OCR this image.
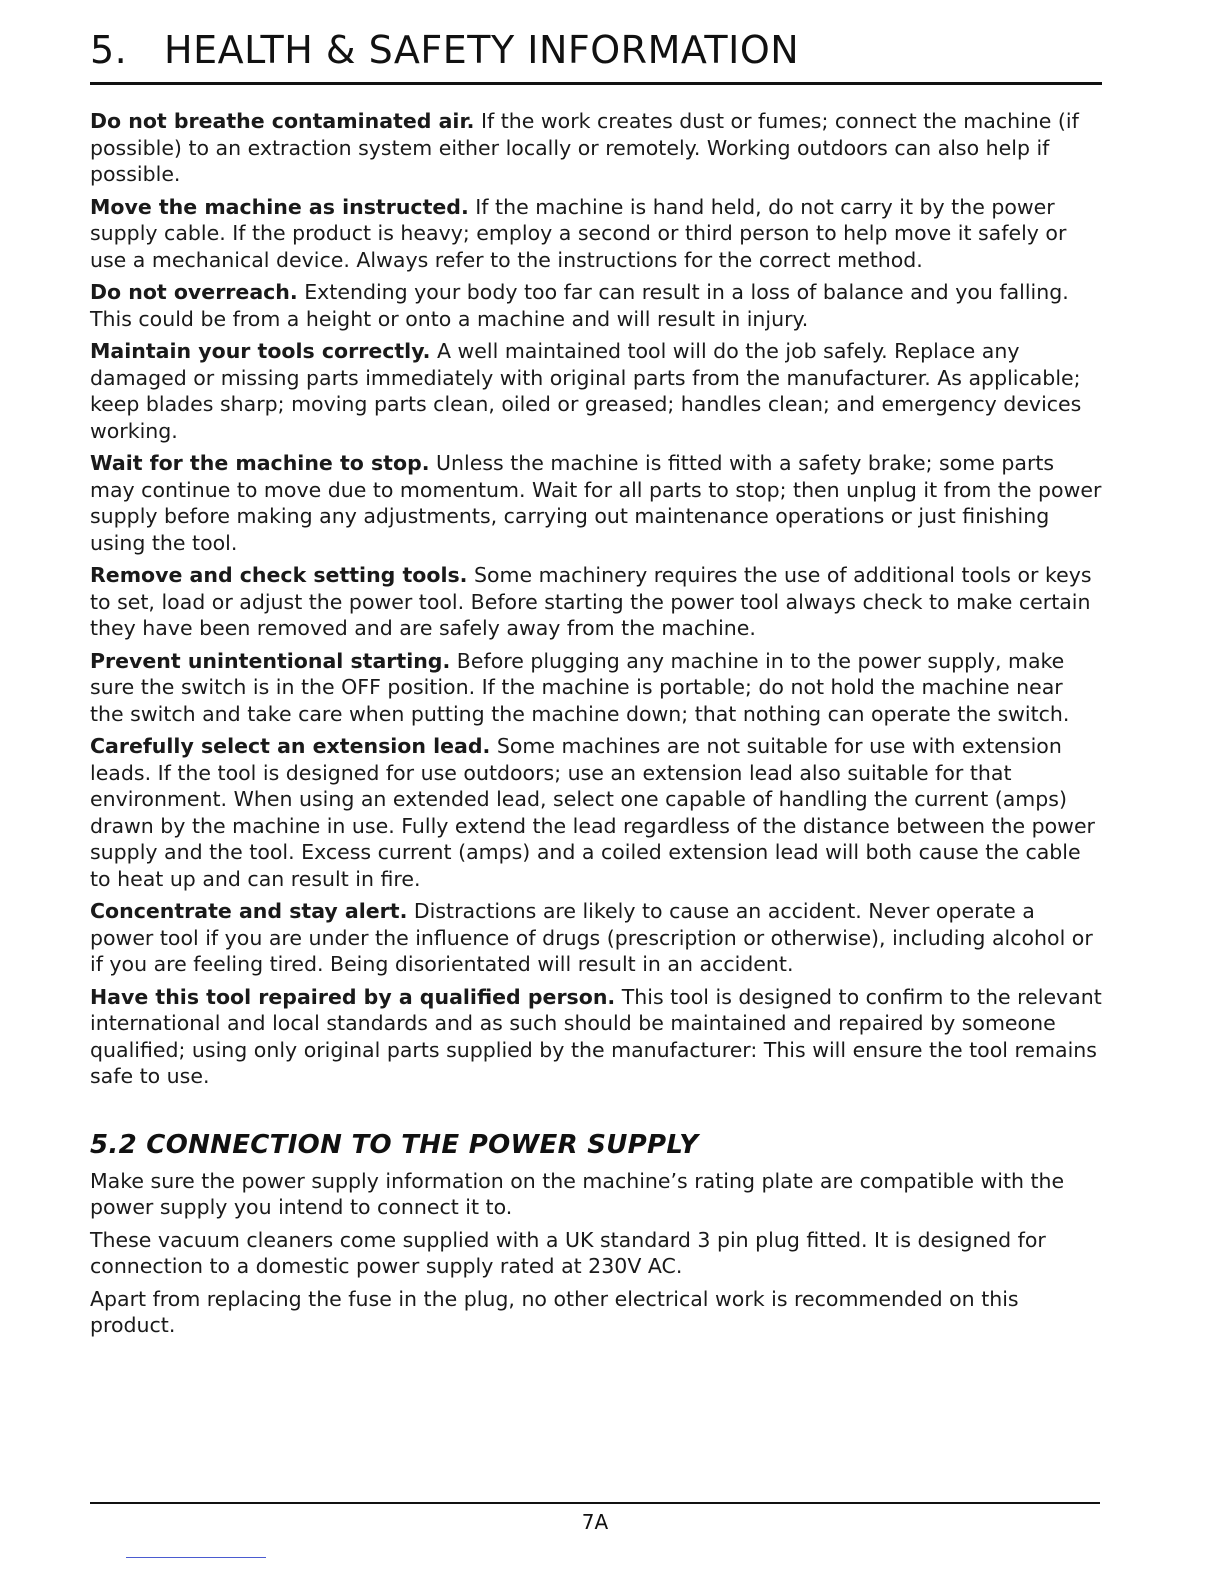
5. HEALTH & SAFETY INFORMATION

Do not breathe contaminated air. If the work creates dust or fumes; connect the machine (if possible) to an extraction system either locally or remotely. Working outdoors can also help if possible.

Move the machine as instructed. If the machine is hand held, do not carry it by the power supply cable. If the product is heavy; employ a second or third person to help move it safely or use a mechanical device. Always refer to the instructions for the correct method.

Do not overreach. Extending your body too far can result in a loss of balance and you falling. This could be from a height or onto a machine and will result in injury.

Maintain your tools correctly. A well maintained tool will do the job safely. Replace any damaged or missing parts immediately with original parts from the manufacturer. As applicable; keep blades sharp; moving parts clean, oiled or greased; handles clean; and emergency devices working.

Wait for the machine to stop. Unless the machine is fitted with a safety brake; some parts may continue to move due to momentum. Wait for all parts to stop; then unplug it from the power supply before making any adjustments, carrying out maintenance operations or just finishing using the tool.

Remove and check setting tools. Some machinery requires the use of additional tools or keys to set, load or adjust the power tool. Before starting the power tool always check to make certain they have been removed and are safely away from the machine.

Prevent unintentional starting. Before plugging any machine in to the power supply, make sure the switch is in the OFF position. If the machine is portable; do not hold the machine near the switch and take care when putting the machine down; that nothing can operate the switch.

Carefully select an extension lead. Some machines are not suitable for use with extension leads. If the tool is designed for use outdoors; use an extension lead also suitable for that environment. When using an extended lead, select one capable of handling the current (amps) drawn by the machine in use. Fully extend the lead regardless of the distance between the power supply and the tool. Excess current (amps) and a coiled extension lead will both cause the cable to heat up and can result in fire.

Concentrate and stay alert. Distractions are likely to cause an accident. Never operate a power tool if you are under the influence of drugs (prescription or otherwise), including alcohol or if you are feeling tired. Being disorientated will result in an accident.

Have this tool repaired by a qualified person. This tool is designed to confirm to the relevant international and local standards and as such should be maintained and repaired by someone qualified; using only original parts supplied by the manufacturer: This will ensure the tool remains safe to use.

5.2 CONNECTION TO THE POWER SUPPLY

Make sure the power supply information on the machine’s rating plate are compatible with the power supply you intend to connect it to.

These vacuum cleaners come supplied with a UK standard 3 pin plug fitted. It is designed for connection to a domestic power supply rated at 230V AC.

Apart from replacing the fuse in the plug, no other electrical work is recommended on this product.

7A
